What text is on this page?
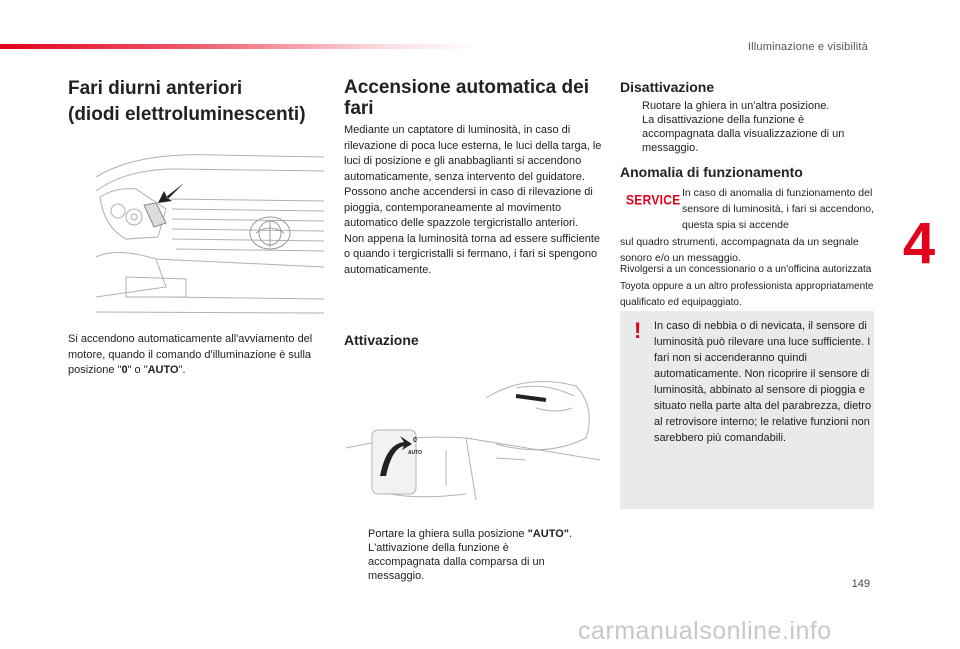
Illuminazione e visibilità
4
Fari diurni anteriori
(diodi elettroluminescenti)

Si accendono automaticamente all'avviamento del motore, quando il comando d'illuminazione è sulla posizione "0" o "AUTO".

Accensione automatica dei
fari

Mediante un captatore di luminosità, in caso di rilevazione di poca luce esterna, le luci della targa, le luci di posizione e gli anabbaglianti si accendono automaticamente, senza intervento del guidatore. Possono anche accendersi in caso di rilevazione di pioggia, contemporaneamente al movimento automatico delle spazzole tergicristallo anteriori.
Non appena la luminosità torna ad essere sufficiente o quando i tergicristalli si fermano, i fari si spengono automaticamente.

Attivazione
0
AUTO
Portare la ghiera sulla posizione "AUTO". L'attivazione della funzione è accompagnata dalla comparsa di un messaggio.
Disattivazione
Ruotare la ghiera in un'altra posizione.
La disattivazione della funzione è accompagnata dalla visualizzazione di un messaggio.
Anomalia di funzionamento
SERVICE In caso di anomalia di funzionamento del sensore di luminosità, i fari si accendono, questa spia si accende
sul quadro strumenti, accompagnata da un segnale sonoro e/o un messaggio.
Rivolgersi a un concessionario o a un'officina autorizzata Toyota oppure a un altro professionista appropriatamente qualificato ed equipaggiato.
! In caso di nebbia o di nevicata, il sensore di luminosità può rilevare una luce sufficiente. I fari non si accenderanno quindi automaticamente. Non ricoprire il sensore di luminosità, abbinato al sensore di pioggia e situato nella parte alta del parabrezza, dietro al retrovisore interno; le relative funzioni non sarebbero più comandabili.
149
carmanualsonline.info
